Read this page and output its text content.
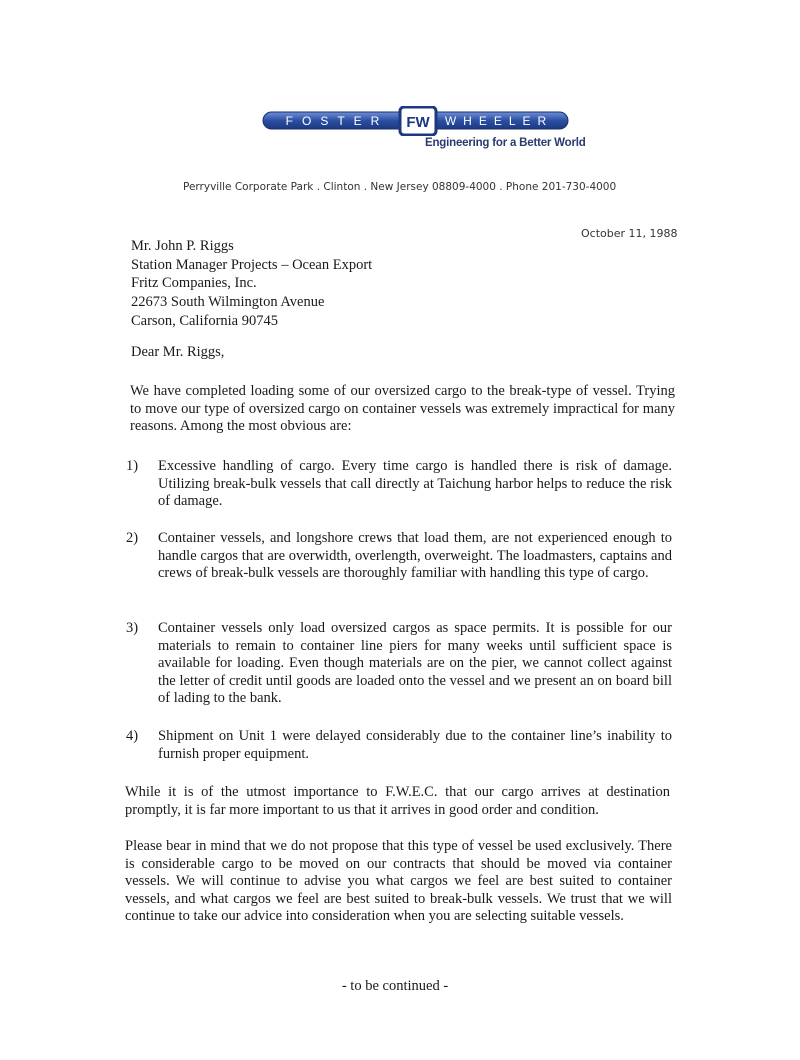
FOSTER FW WHEELER
Engineering for a Better World
Perryville Corporate Park . Clinton . New Jersey 08809-4000 . Phone 201-730-4000
October 11, 1988
Mr. John P. Riggs
Station Manager Projects – Ocean Export
Fritz Companies, Inc.
22673 South Wilmington Avenue
Carson, California 90745
Dear Mr. Riggs,
We have completed loading some of our oversized cargo to the break-type of vessel. Trying to move our type of oversized cargo on container vessels was extremely impractical for many reasons. Among the most obvious are:
1) Excessive handling of cargo. Every time cargo is handled there is risk of damage. Utilizing break-bulk vessels that call directly at Taichung harbor helps to reduce the risk of damage.
2) Container vessels, and longshore crews that load them, are not experienced enough to handle cargos that are overwidth, overlength, overweight. The loadmasters, captains and crews of break-bulk vessels are thoroughly familiar with handling this type of cargo.
3) Container vessels only load oversized cargos as space permits. It is possible for our materials to remain to container line piers for many weeks until sufficient space is available for loading. Even though materials are on the pier, we cannot collect against the letter of credit until goods are loaded onto the vessel and we present an on board bill of lading to the bank.
4) Shipment on Unit 1 were delayed considerably due to the container line’s inability to furnish proper equipment.
While it is of the utmost importance to F.W.E.C. that our cargo arrives at destination promptly, it is far more important to us that it arrives in good order and condition.
Please bear in mind that we do not propose that this type of vessel be used exclusively. There is considerable cargo to be moved on our contracts that should be moved via container vessels. We will continue to advise you what cargos we feel are best suited to container vessels, and what cargos we feel are best suited to break-bulk vessels. We trust that we will continue to take our advice into consideration when you are selecting suitable vessels.
- to be continued -
